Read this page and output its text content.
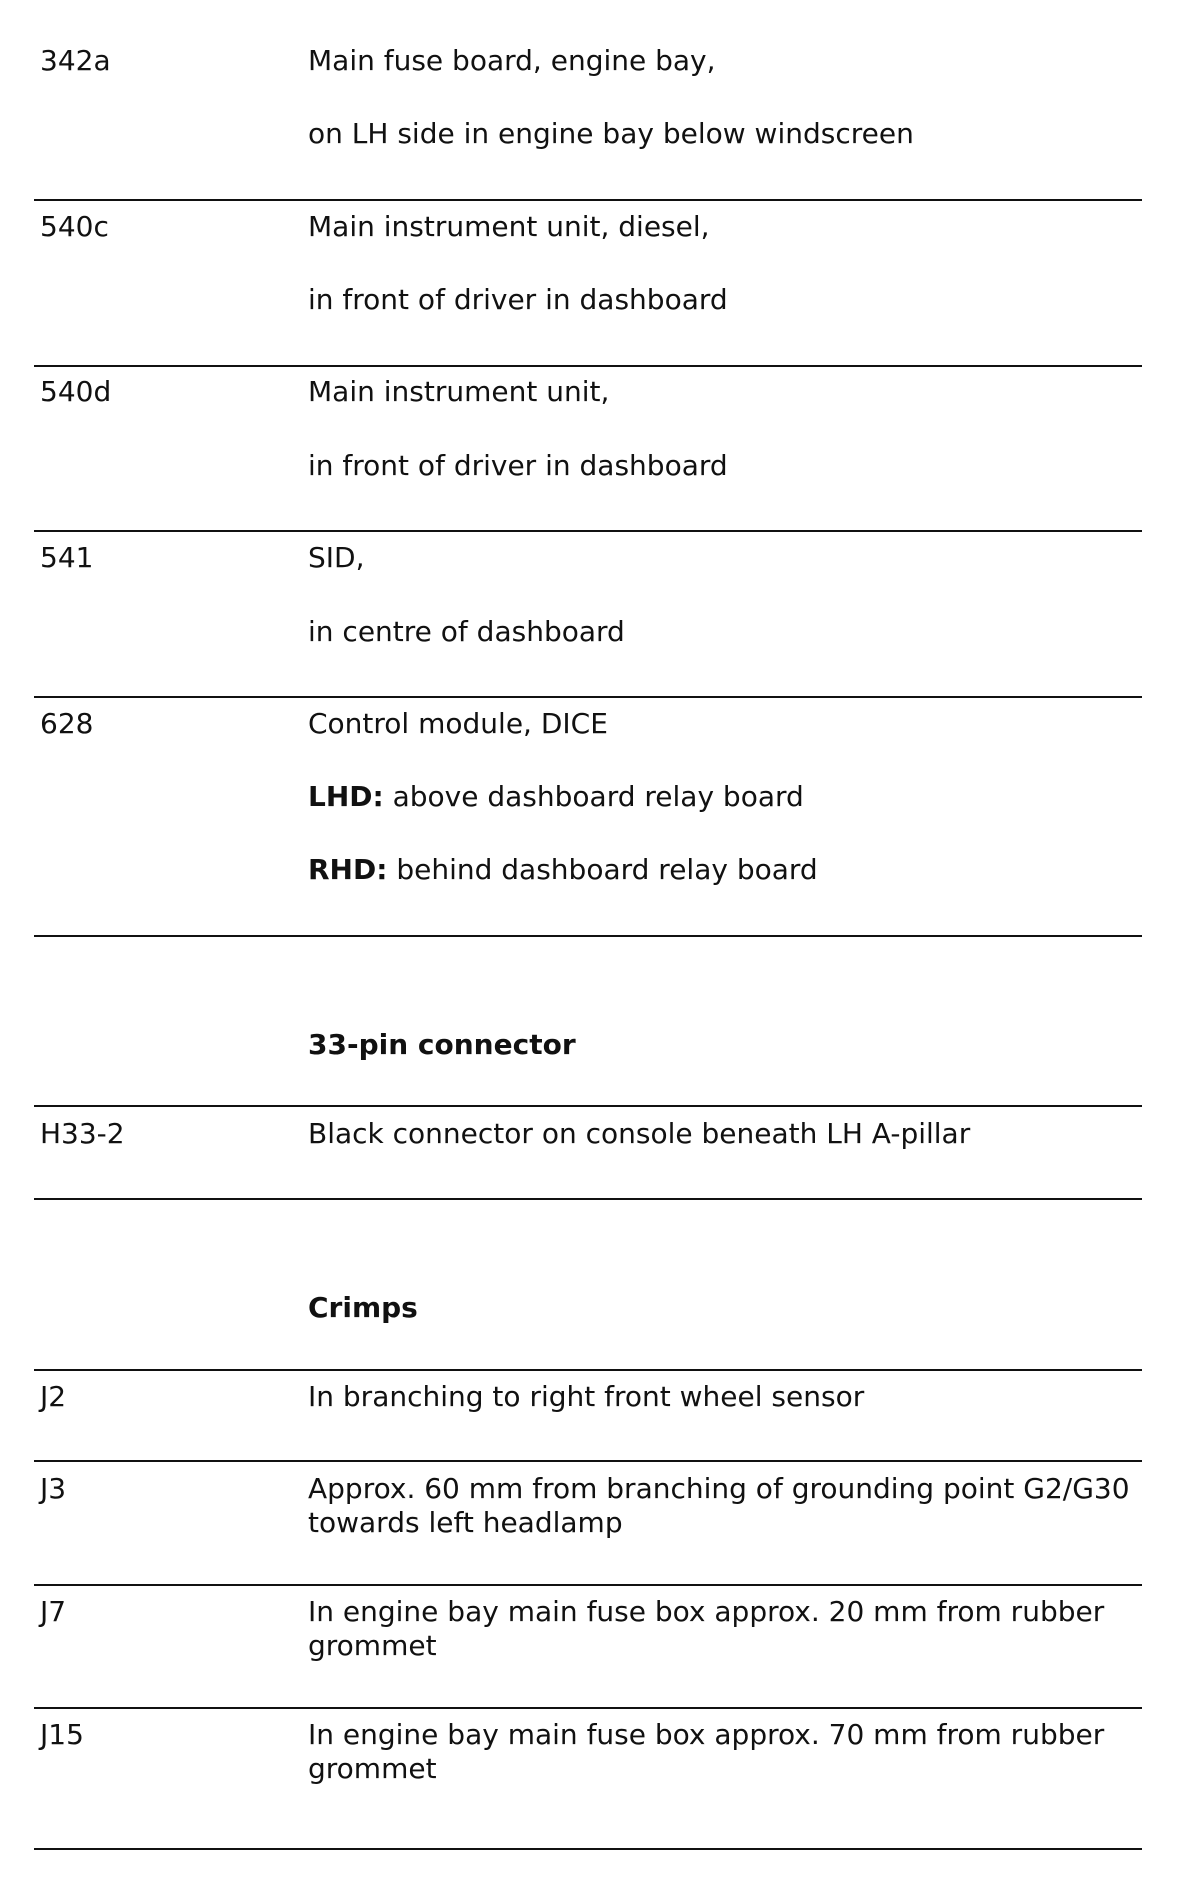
342a	Main fuse board, engine bay,
on LH side in engine bay below windscreen
540c	Main instrument unit, diesel,
in front of driver in dashboard
540d	Main instrument unit,
in front of driver in dashboard
541	SID,
in centre of dashboard
628	Control module, DICE
LHD: above dashboard relay board
RHD: behind dashboard relay board
33-pin connector
H33-2	Black connector on console beneath LH A-pillar
Crimps
J2	In branching to right front wheel sensor
J3	Approx. 60 mm from branching of grounding point G2/G30 towards left headlamp
J7	In engine bay main fuse box approx. 20 mm from rubber grommet
J15	In engine bay main fuse box approx. 70 mm from rubber grommet
